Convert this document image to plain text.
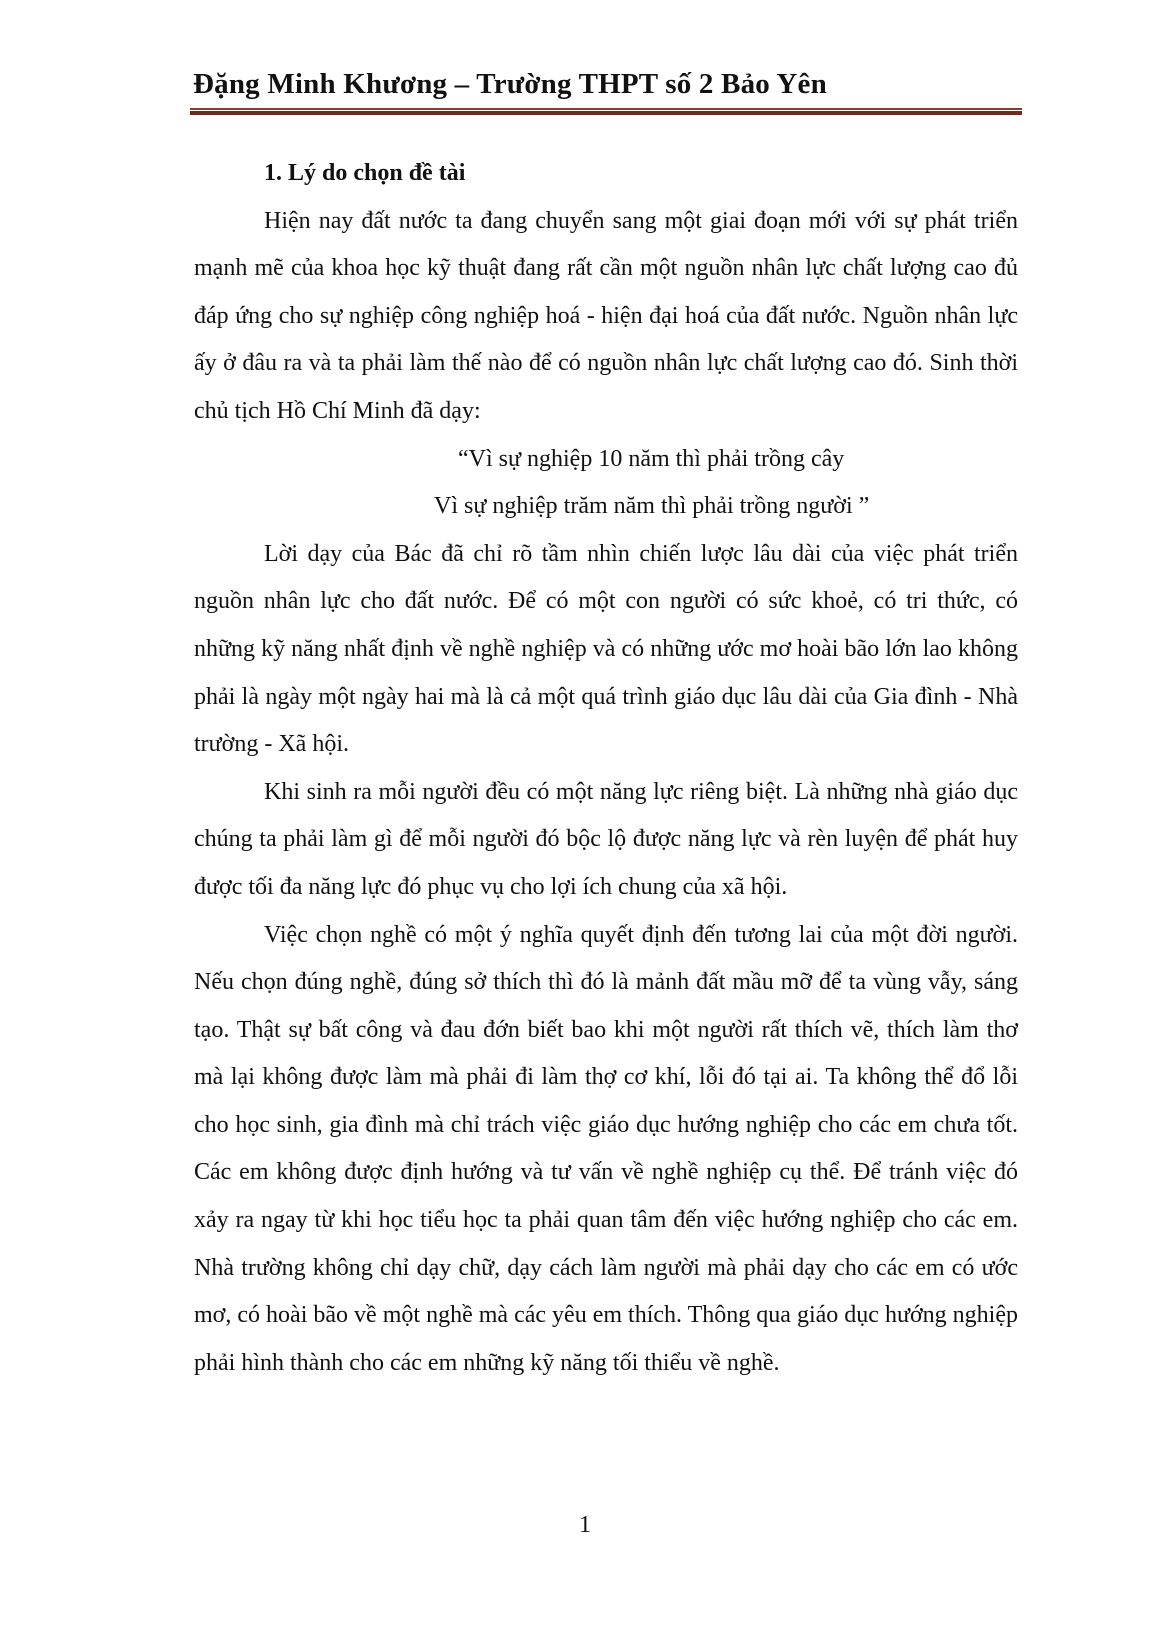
Đặng Minh Khương – Trường THPT số 2 Bảo Yên

1. Lý do chọn đề tài

Hiện nay đất nước ta đang chuyển sang một giai đoạn mới với sự phát triển mạnh mẽ của khoa học kỹ thuật đang rất cần một nguồn nhân lực chất lượng cao đủ đáp ứng cho sự nghiệp công nghiệp hoá - hiện đại hoá của đất nước. Nguồn nhân lực ấy ở đâu ra và ta phải làm thế nào để có nguồn nhân lực chất lượng cao đó. Sinh thời chủ tịch Hồ Chí Minh đã dạy:

“Vì sự nghiệp 10 năm thì phải trồng cây

Vì sự nghiệp trăm năm thì phải trồng người ”

Lời dạy của Bác đã chỉ rõ tầm nhìn chiến lược lâu dài của việc phát triển nguồn nhân lực cho đất nước. Để có một con người có sức khoẻ, có tri thức, có những kỹ năng nhất định về nghề nghiệp và có những ước mơ hoài bão lớn lao không phải là ngày một ngày hai mà là cả một quá trình giáo dục lâu dài của Gia đình - Nhà trường - Xã hội.

Khi sinh ra mỗi người đều có một năng lực riêng biệt. Là những nhà giáo dục chúng ta phải làm gì để mỗi người đó bộc lộ được năng lực và rèn luyện để phát huy được tối đa năng lực đó phục vụ cho lợi ích chung của xã hội.

Việc chọn nghề có một ý nghĩa quyết định đến tương lai của một đời người. Nếu chọn đúng nghề, đúng sở thích thì đó là mảnh đất mầu mỡ để ta vùng vẫy, sáng tạo. Thật sự bất công và đau đớn biết bao khi một người rất thích vẽ, thích làm thơ mà lại không được làm mà phải đi làm thợ cơ khí, lỗi đó tại ai. Ta không thể đổ lỗi cho học sinh, gia đình mà chỉ trách việc giáo dục hướng nghiệp cho các em chưa tốt. Các em không được định hướng và tư vấn về nghề nghiệp cụ thể. Để tránh việc đó xảy ra ngay từ khi học tiểu học ta phải quan tâm đến việc hướng nghiệp cho các em. Nhà trường không chỉ dạy chữ, dạy cách làm người mà phải dạy cho các em có ước mơ, có hoài bão về một nghề mà các yêu em thích. Thông qua giáo dục hướng nghiệp phải hình thành cho các em những kỹ năng tối thiểu về nghề.

1
